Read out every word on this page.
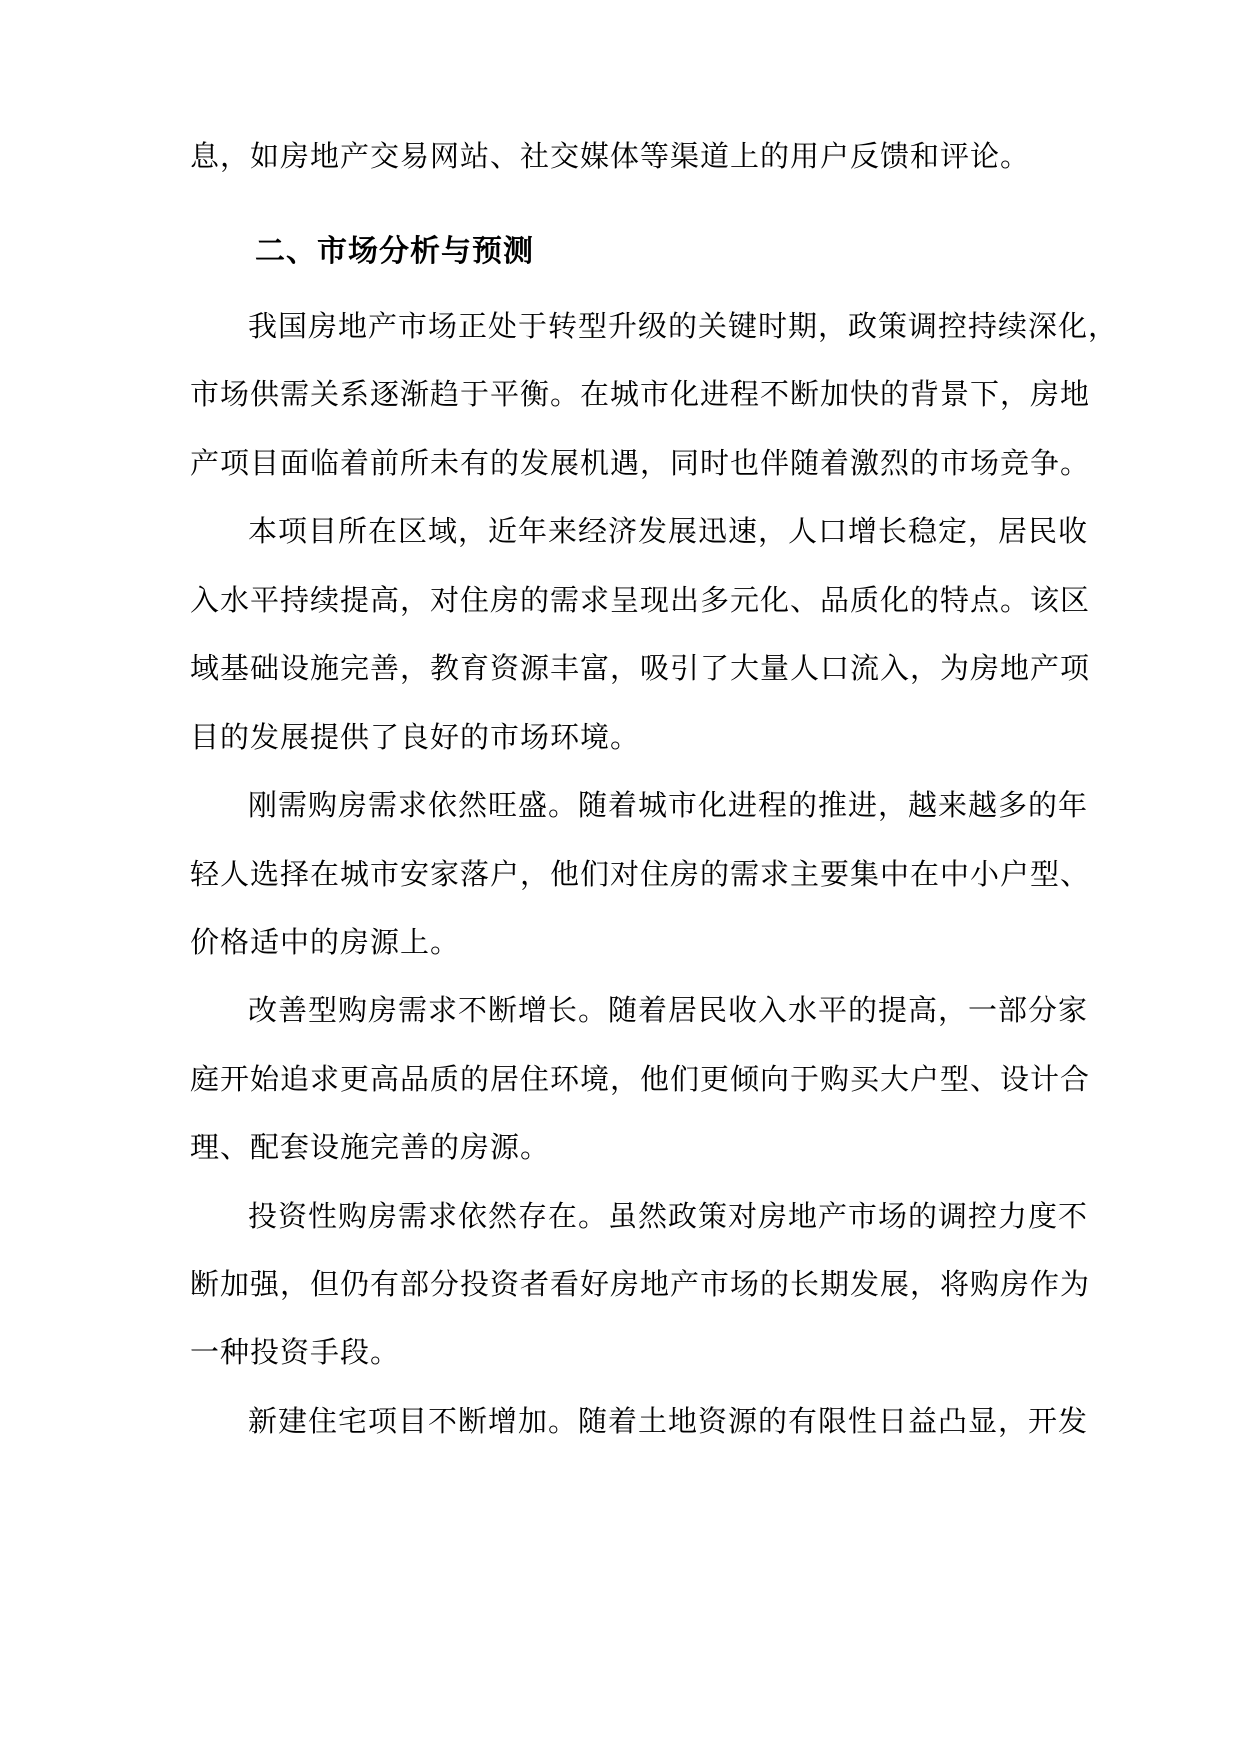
息，如房地产交易网站、社交媒体等渠道上的用户反馈和评论。
二、市场分析与预测
我国房地产市场正处于转型升级的关键时期，政策调控持续深化，
市场供需关系逐渐趋于平衡。在城市化进程不断加快的背景下，房地
产项目面临着前所未有的发展机遇，同时也伴随着激烈的市场竞争。
本项目所在区域，近年来经济发展迅速，人口增长稳定，居民收
入水平持续提高，对住房的需求呈现出多元化、品质化的特点。该区
域基础设施完善，教育资源丰富，吸引了大量人口流入，为房地产项
目的发展提供了良好的市场环境。
刚需购房需求依然旺盛。随着城市化进程的推进，越来越多的年
轻人选择在城市安家落户，他们对住房的需求主要集中在中小户型、
价格适中的房源上。
改善型购房需求不断增长。随着居民收入水平的提高，一部分家
庭开始追求更高品质的居住环境，他们更倾向于购买大户型、设计合
理、配套设施完善的房源。
投资性购房需求依然存在。虽然政策对房地产市场的调控力度不
断加强，但仍有部分投资者看好房地产市场的长期发展，将购房作为
一种投资手段。
新建住宅项目不断增加。随着土地资源的有限性日益凸显，开发
